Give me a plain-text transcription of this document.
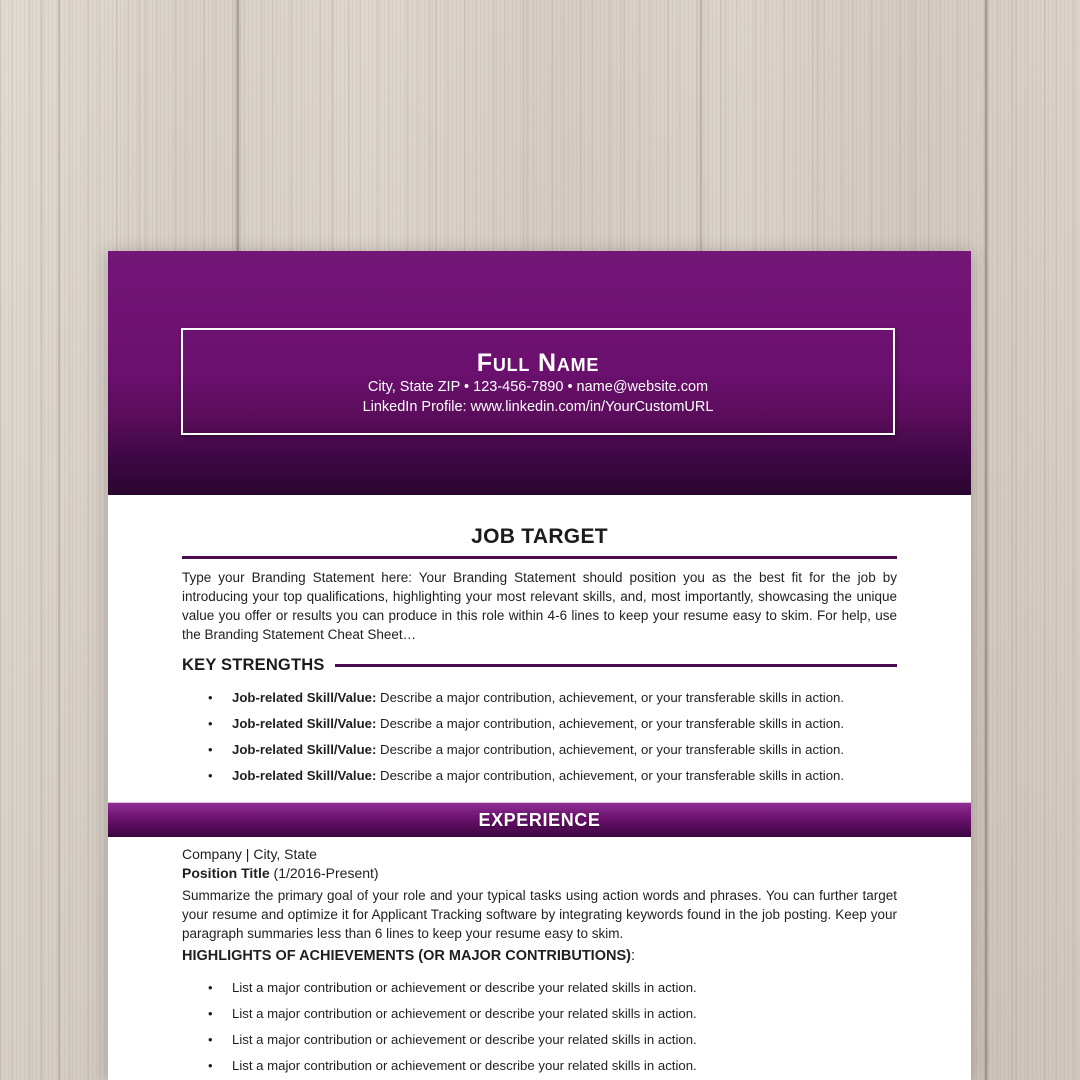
Full Name
City, State ZIP • 123-456-7890 • name@website.com
LinkedIn Profile: www.linkedin.com/in/YourCustomURL
JOB TARGET
Type your Branding Statement here: Your Branding Statement should position you as the best fit for the job by introducing your top qualifications, highlighting your most relevant skills, and, most importantly, showcasing the unique value you offer or results you can produce in this role within 4-6 lines to keep your resume easy to skim. For help, use the Branding Statement Cheat Sheet…
KEY STRENGTHS
• Job-related Skill/Value: Describe a major contribution, achievement, or your transferable skills in action.
• Job-related Skill/Value: Describe a major contribution, achievement, or your transferable skills in action.
• Job-related Skill/Value: Describe a major contribution, achievement, or your transferable skills in action.
• Job-related Skill/Value: Describe a major contribution, achievement, or your transferable skills in action.
EXPERIENCE
Company | City, State
Position Title (1/2016-Present)
Summarize the primary goal of your role and your typical tasks using action words and phrases. You can further target your resume and optimize it for Applicant Tracking software by integrating keywords found in the job posting. Keep your paragraph summaries less than 6 lines to keep your resume easy to skim.
HIGHLIGHTS OF ACHIEVEMENTS (OR MAJOR CONTRIBUTIONS):
• List a major contribution or achievement or describe your related skills in action.
• List a major contribution or achievement or describe your related skills in action.
• List a major contribution or achievement or describe your related skills in action.
• List a major contribution or achievement or describe your related skills in action.
